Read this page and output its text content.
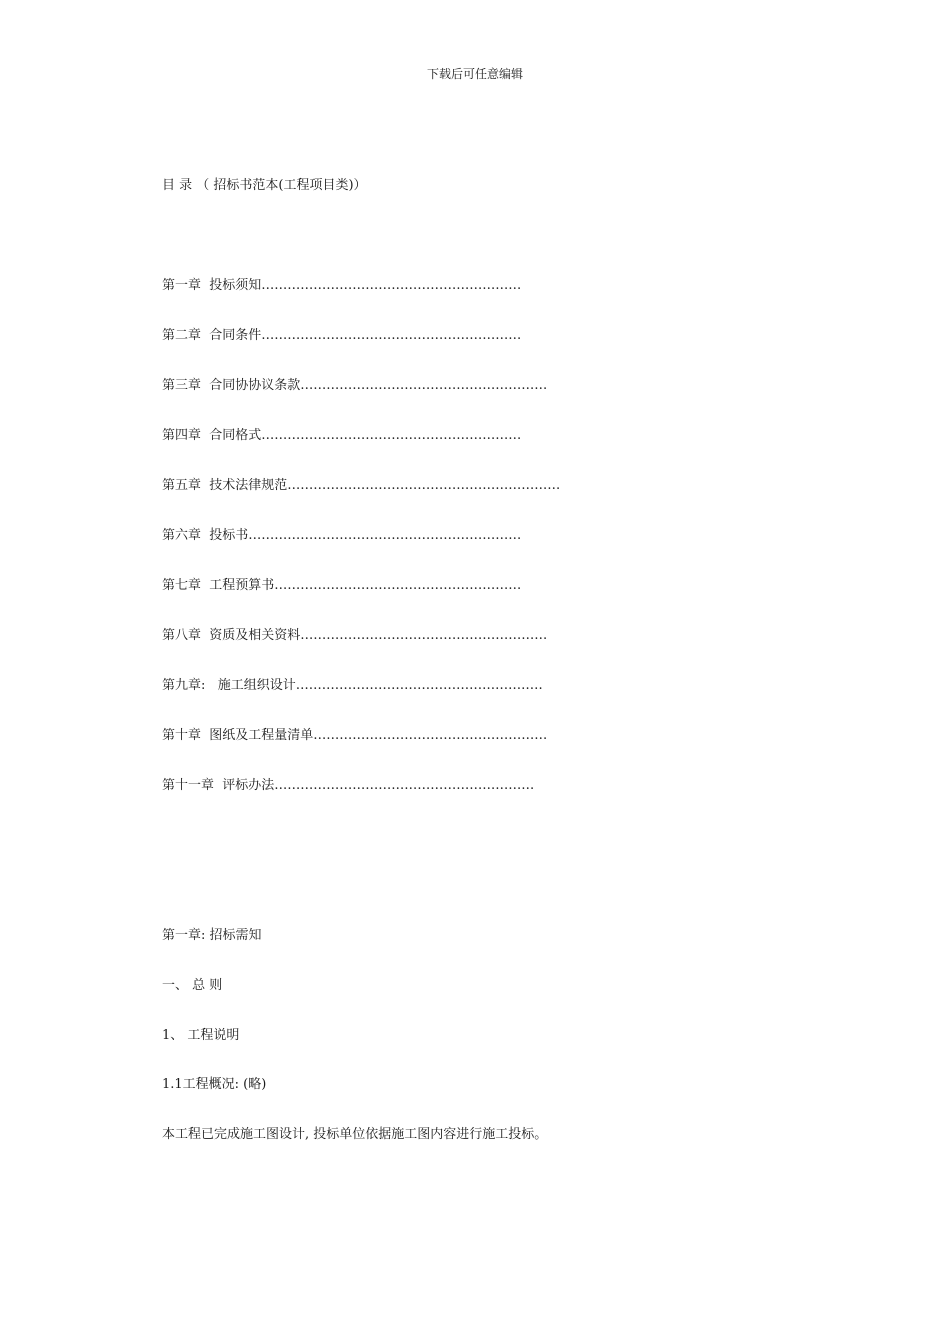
下载后可任意编辑
目 录 （ 招标书范本(工程项目类)）
第一章 投标须知……………………………………………………
第二章 合同条件……………………………………………………
第三章 合同协协议条款…………………………………………………
第四章 合同格式……………………………………………………
第五章 技术法律规范………………………………………………………
第六章 投标书………………………………………………………
第七章 工程预算书…………………………………………………
第八章 资质及相关资料…………………………………………………
第九章:   施工组织设计…………………………………………………
第十章 图纸及工程量清单………………………………………………
第十一章 评标办法……………………………………………………
第一章: 招标需知
一、 总 则
1、 工程说明
1.1工程概况: (略)
本工程已完成施工图设计, 投标单位依据施工图内容进行施工投标。
